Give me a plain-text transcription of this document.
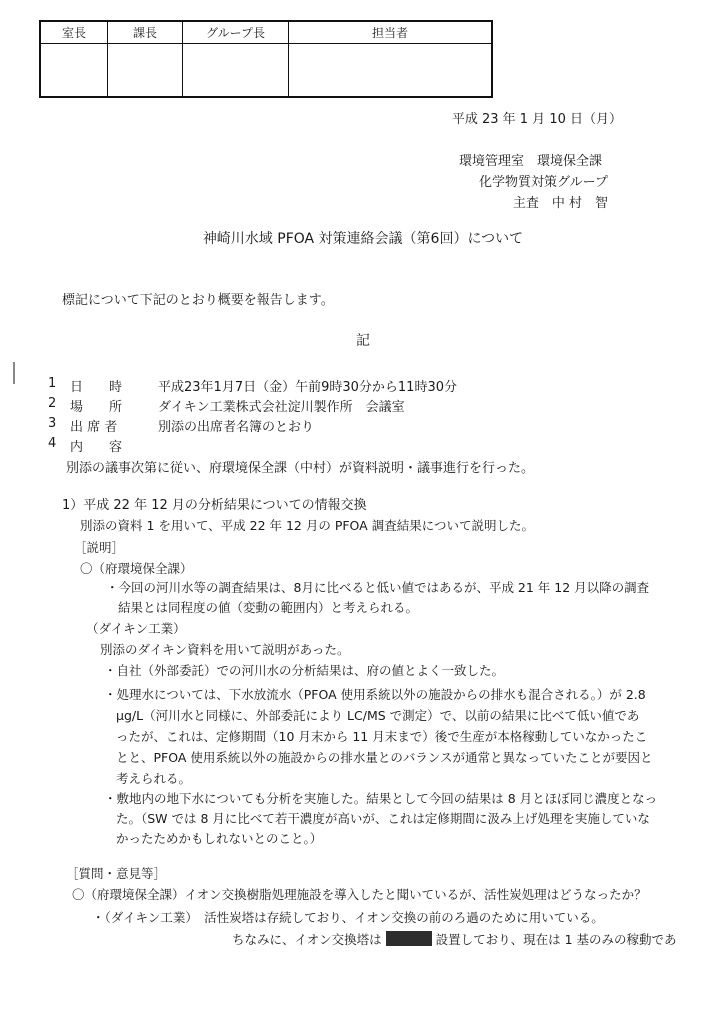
室長	課長	グループ長	担当者

平成 23 年 1 月 10 日（月）
環境管理室　環境保全課
化学物質対策グループ
主査　中 村　智
神崎川水域 PFOA 対策連絡会議（第6回）について
標記について下記のとおり概要を報告します。
記
1 日　　時	平成23年1月7日（金）午前9時30分から11時30分
2 場　　所	ダイキン工業株式会社淀川製作所　会議室
3 出 席 者	別添の出席者名簿のとおり
4 内　　容
別添の議事次第に従い、府環境保全課（中村）が資料説明・議事進行を行った。
1）平成 22 年 12 月の分析結果についての情報交換
別添の資料 1 を用いて、平成 22 年 12 月の PFOA 調査結果について説明した。
［説明］
〇（府環境保全課）
・今回の河川水等の調査結果は、8月に比べると低い値ではあるが、平成 21 年 12 月以降の調査
結果とは同程度の値（変動の範囲内）と考えられる。
（ダイキン工業）
別添のダイキン資料を用いて説明があった。
・自社（外部委託）での河川水の分析結果は、府の値とよく一致した。
・処理水については、下水放流水（PFOA 使用系統以外の施設からの排水も混合される。）が 2.8
μg/L（河川水と同様に、外部委託により LC/MS で測定）で、以前の結果に比べて低い値であ
ったが、これは、定修期間（10 月末から 11 月末まで）後で生産が本格稼動していなかったこ
とと、PFOA 使用系統以外の施設からの排水量とのバランスが通常と異なっていたことが要因と
考えられる。
・敷地内の地下水についても分析を実施した。結果として今回の結果は 8 月とほぼ同じ濃度となっ
た。（SW では 8 月に比べて若干濃度が高いが、これは定修期間に汲み上げ処理を実施していな
かったためかもしれないとのこと。）
［質問・意見等］
〇（府環境保全課）イオン交換樹脂処理施設を導入したと聞いているが、活性炭処理はどうなったか？
・（ダイキン工業）　活性炭塔は存続しており、イオン交換の前のろ過のために用いている。
ちなみに、イオン交換塔は	設置しており、現在は 1 基のみの稼動であ
